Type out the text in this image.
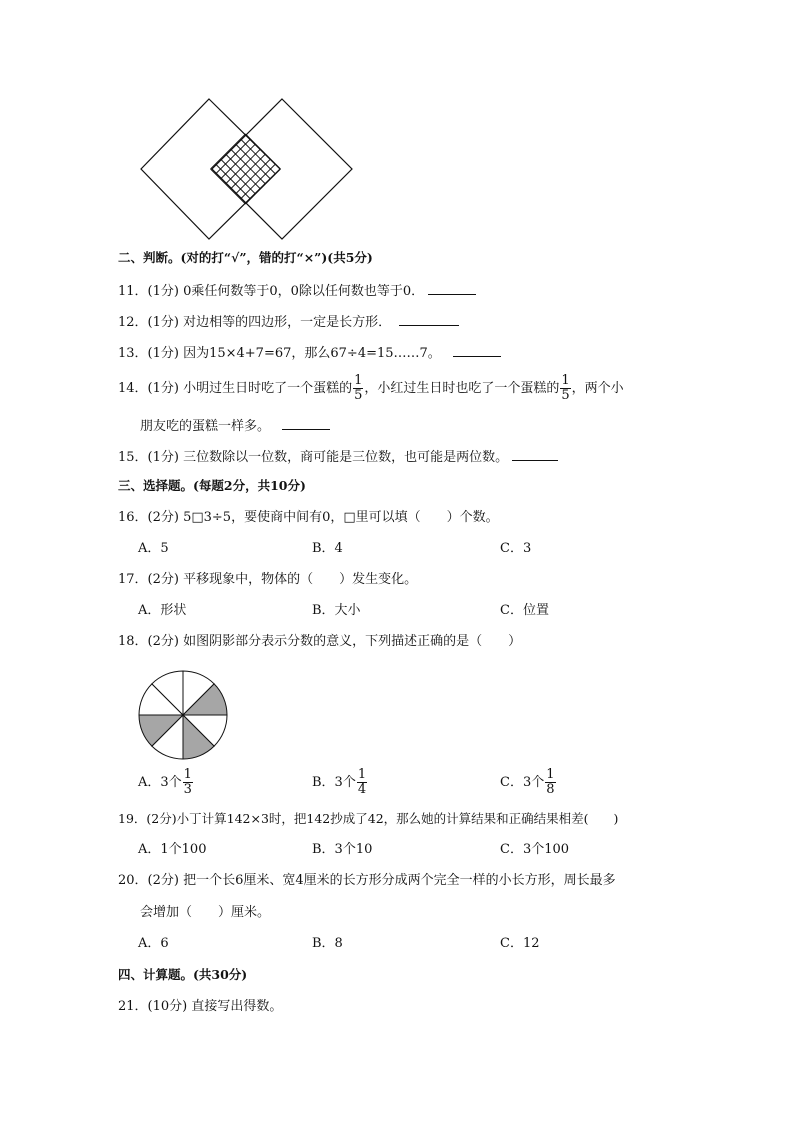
二、判断。(对的打“√”，错的打“×”)(共5分)
11．(1分) 0乘任何数等于0，0除以任何数也等于0．
12．(1分) 对边相等的四边形，一定是长方形．
13．(1分) 因为15×4+7=67，那么67÷4=15……7。
14．(1分) 小明过生日时吃了一个蛋糕的 $\frac{1}{5}$ ，小红过生日时也吃了一个蛋糕的 $\frac{1}{5}$ ，两个小
朋友吃的蛋糕一样多。
15．(1分) 三位数除以一位数，商可能是三位数，也可能是两位数。
三、选择题。(每题2分，共10分)
16．(2分) 5□3÷5，要使商中间有0，□里可以填（　　）个数。
A．5	B．4	C．3
17．(2分) 平移现象中，物体的（　　）发生变化。
A．形状	B．大小	C．位置
18．(2分) 如图阴影部分表示分数的意义，下列描述正确的是（　　）
A．3个 $\frac{1}{3}$	B．3个 $\frac{1}{4}$	C．3个 $\frac{1}{8}$
19．(2分)小丁计算142×3时，把142抄成了42，那么她的计算结果和正确结果相差(　　)
A．1个100	B．3个10	C．3个100
20．(2分) 把一个长6厘米、宽4厘米的长方形分成两个完全一样的小长方形，周长最多
会增加（　　）厘米。
A．6	B．8	C．12
四、计算题。(共30分)
21．(10分) 直接写出得数。
